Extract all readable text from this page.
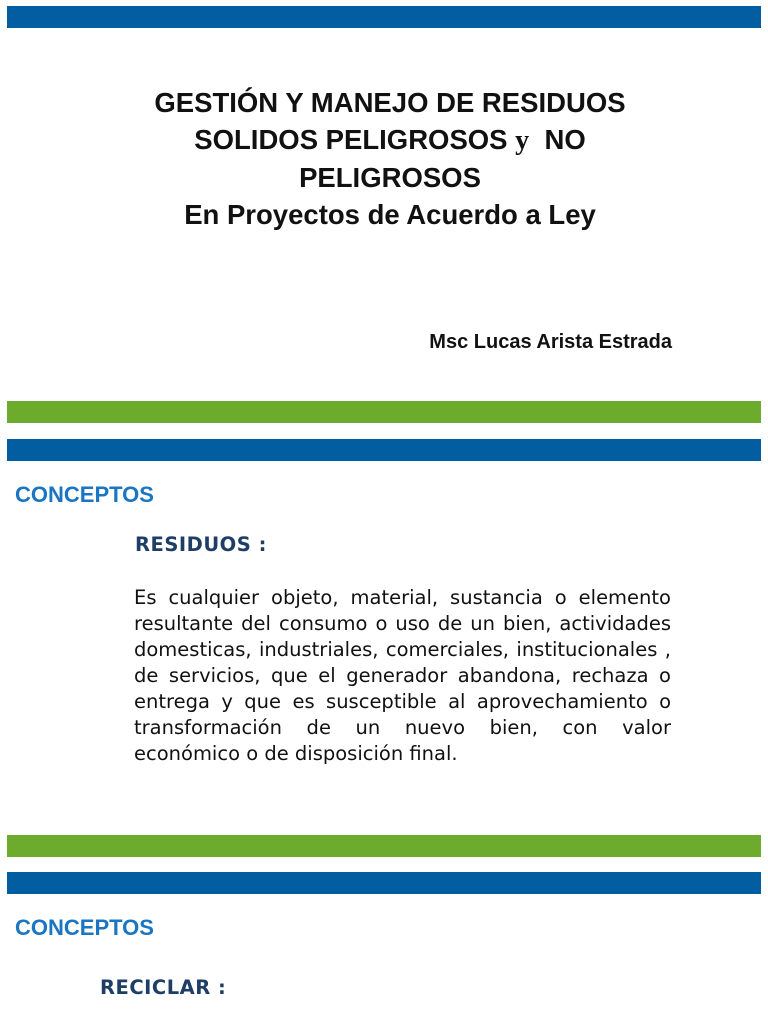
GESTIÓN Y MANEJO DE RESIDUOS
SOLIDOS PELIGROSOS y NO
PELIGROSOS
En Proyectos de Acuerdo a Ley
Msc Lucas Arista Estrada
CONCEPTOS
RESIDUOS :
Es cualquier objeto, material, sustancia o elemento resultante del consumo o uso de un bien, actividades domesticas, industriales, comerciales, institucionales , de servicios, que el generador abandona, rechaza o entrega y que es susceptible al aprovechamiento o transformación de un nuevo bien, con valor económico o de disposición final.
CONCEPTOS
RECICLAR :
